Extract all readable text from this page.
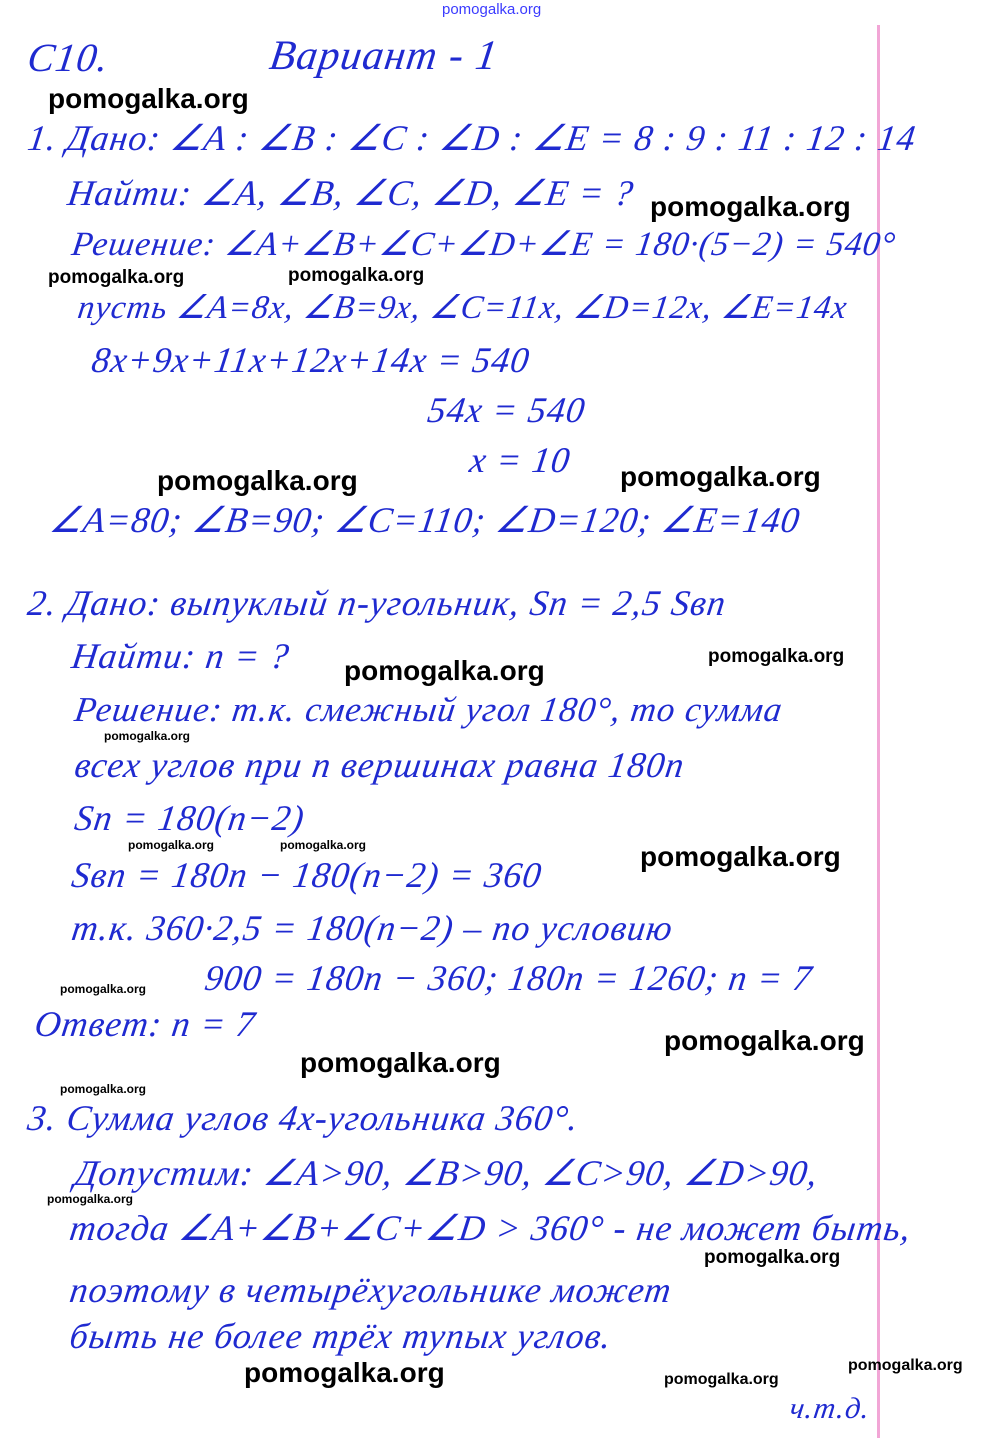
pomogalka.org
С10.	Вариант - 1
1. Дано: ∠A : ∠B : ∠C : ∠D : ∠E = 8 : 9 : 11 : 12 : 14
Найти: ∠A, ∠B, ∠C, ∠D, ∠E = ?
Решение: ∠A+∠B+∠C+∠D+∠E = 180·(5−2) = 540°
пусть ∠A=8x, ∠B=9x, ∠C=11x, ∠D=12x, ∠E=14x
8x+9x+11x+12x+14x = 540
54x = 540
x = 10
∠A=80; ∠B=90; ∠C=110; ∠D=120; ∠E=140
2. Дано: выпуклый n-угольник, Sn = 2,5 Sвn
Найти: n = ?
Решение: т.к. смежный угол 180°, то сумма
всех углов при n вершинах равна 180n
Sn = 180(n−2)
Sвn = 180n − 180(n−2) = 360
т.к. 360·2,5 = 180(n−2) – по условию
900 = 180n − 360; 180n = 1260; n = 7
Ответ: n = 7
3. Сумма углов 4х-угольника 360°.
Допустим: ∠A>90, ∠B>90, ∠C>90, ∠D>90,
тогда ∠A+∠B+∠C+∠D > 360° - не может быть,
поэтому в четырёхугольнике может
быть не более трёх тупых углов.
ч.т.д.
pomogalka.org
pomogalka.org
pomogalka.org	pomogalka.org
pomogalka.org	pomogalka.org
pomogalka.org	pomogalka.org
pomogalka.org
pomogalka.org	pomogalka.org	pomogalka.org
pomogalka.org
pomogalka.org
pomogalka.org
pomogalka.org
pomogalka.org
pomogalka.org
pomogalka.org	pomogalka.org
pomogalka.org
